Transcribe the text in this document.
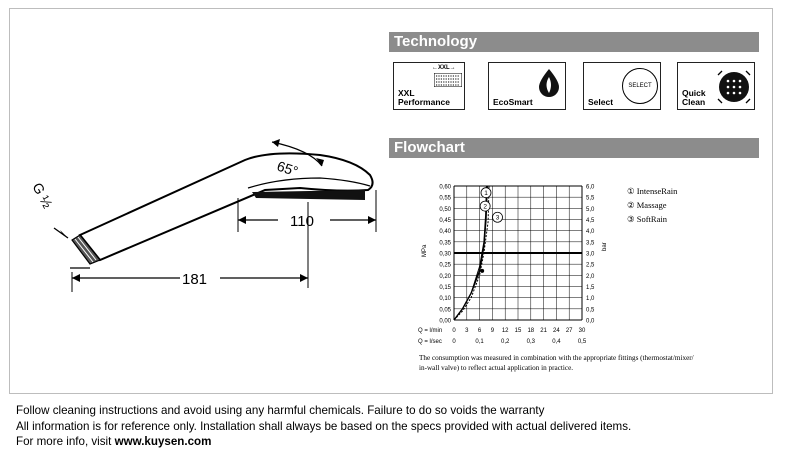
G ½
65°
110
181
Technology
←XXL→
XXL
Performance	EcoSmart
SELECT
Select
Quick
Clean
Flowchart
0,60
0,55
0,50
0,45
0,40
0,35
0,30
0,25
0,20
0,15
0,10
0,05
0,00
6,0
5,5
5,0
4,5
4,0
3,5
3,0
2,5
2,0
1,5
1,0
0,5
0,0
MPa	bar
Q = l/min 0 3 6 9 12 15 18 21 24 27 30
Q = l/sec 0	0,1	0,2	0,3	0,4	0,5
1
2
3
① IntenseRain
② Massage
③ SoftRain
The consumption was measured in combination with the appropriate fittings (thermostat/mixer/
in-wall valve) to reflect actual application in practice.
Follow cleaning instructions and avoid using any harmful chemicals. Failure to do so voids the warranty
All information is for reference only. Installation shall always be based on the specs provided with actual delivered items.
For more info, visit www.kuysen.com
